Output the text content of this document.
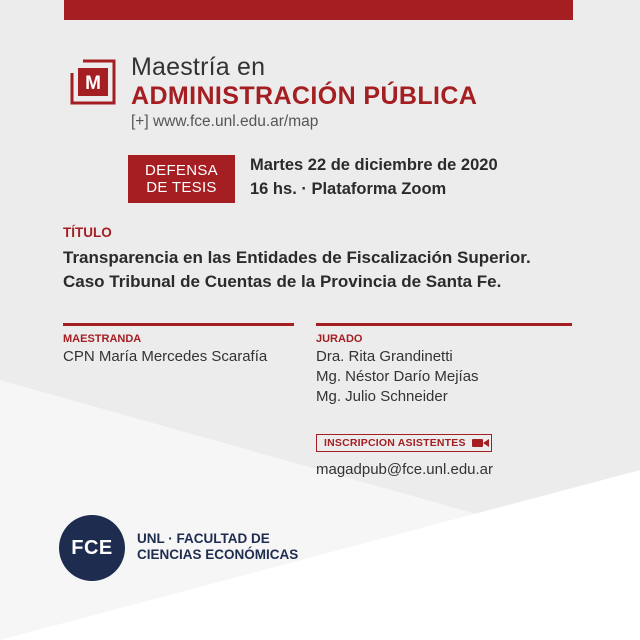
M
Maestría en
ADMINISTRACIÓN PÚBLICA
[+] www.fce.unl.edu.ar/map
DEFENSA
DE TESIS
Martes 22 de diciembre de 2020
16 hs. · Plataforma Zoom
TÍTULO
Transparencia en las Entidades de Fiscalización Superior.
Caso Tribunal de Cuentas de la Provincia de Santa Fe.
MAESTRANDA
CPN María Mercedes Scarafía
JURADO
Dra. Rita Grandinetti
Mg. Néstor Darío Mejías
Mg. Julio Schneider
INSCRIPCION ASISTENTES
magadpub@fce.unl.edu.ar
FCE UNL · FACULTAD DE
CIENCIAS ECONÓMICAS
